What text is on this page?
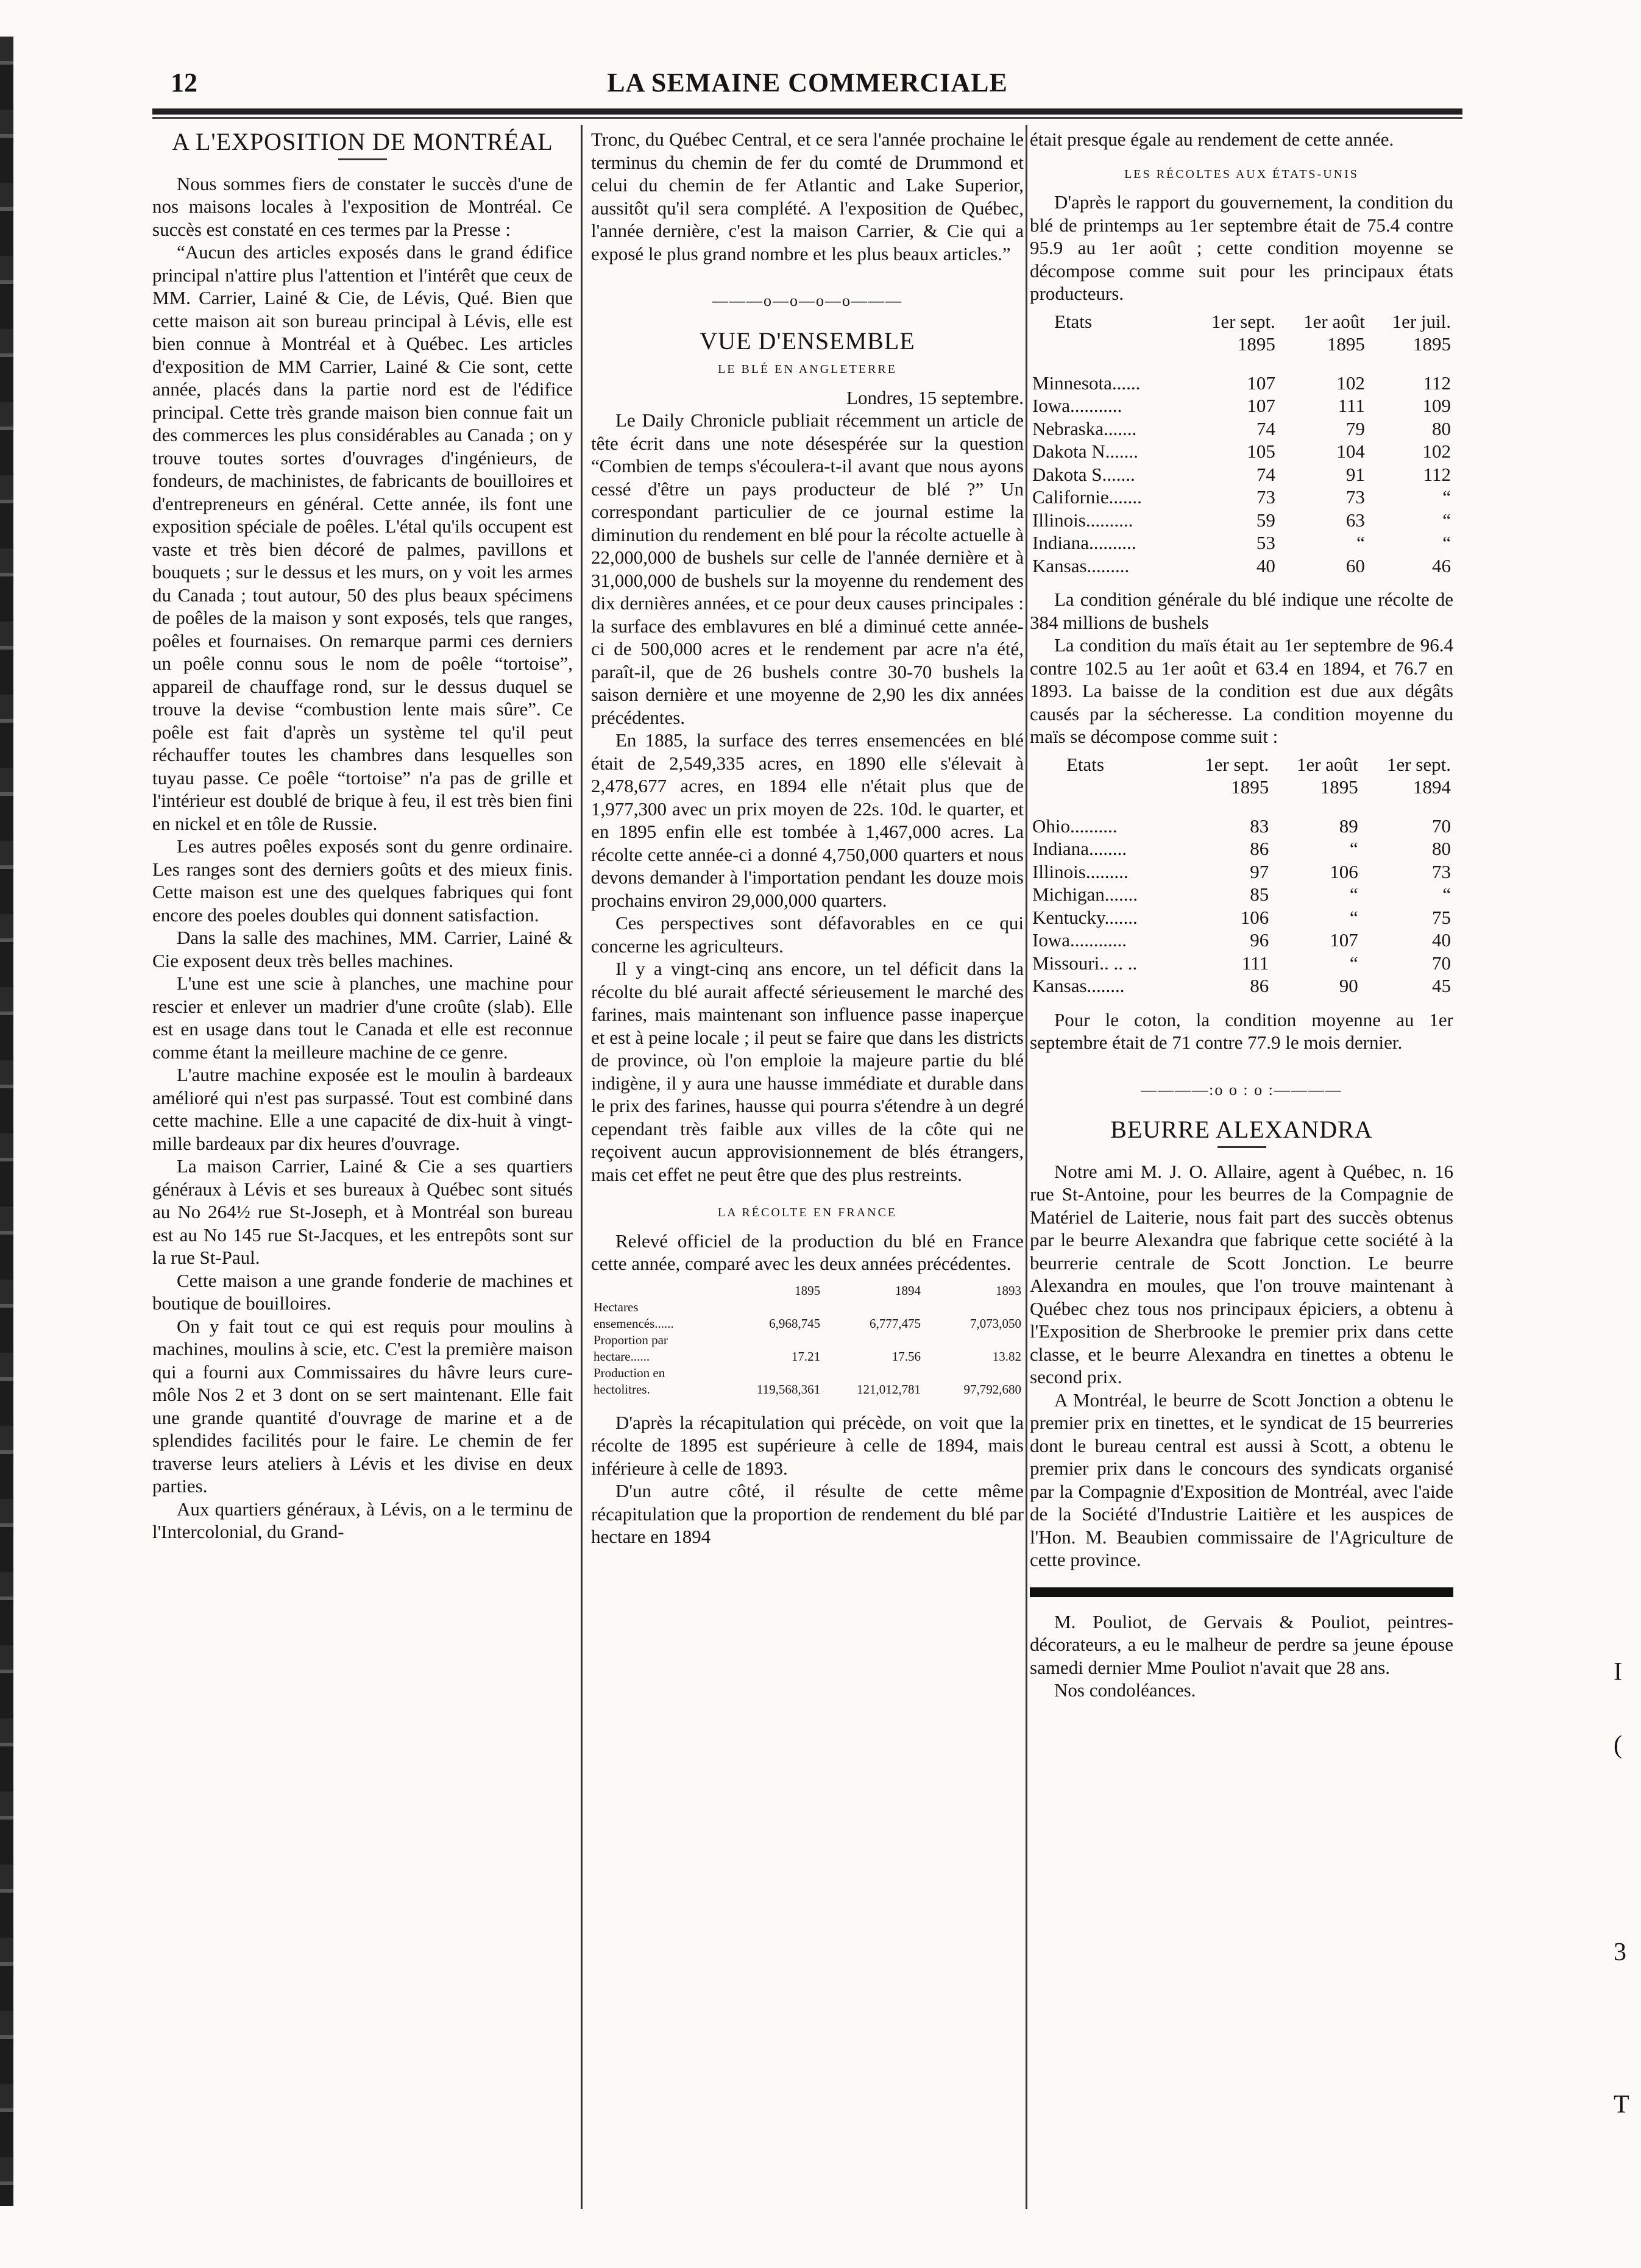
12	LA SEMAINE COMMERCIALE
A L'EXPOSITION DE MONTRÉAL

Nous sommes fiers de constater le succès d'une de nos maisons locales à l'exposition de Montréal. Ce succès est constaté en ces termes par la Presse :

“Aucun des articles exposés dans le grand édifice principal n'attire plus l'attention et l'intérêt que ceux de MM. Carrier, Lainé & Cie, de Lévis, Qué. Bien que cette maison ait son bureau principal à Lévis, elle est bien connue à Montréal et à Québec. Les articles d'exposition de MM Carrier, Lainé & Cie sont, cette année, placés dans la partie nord est de l'édifice principal. Cette très grande maison bien connue fait un des commerces les plus considérables au Canada ; on y trouve toutes sortes d'ouvrages d'ingénieurs, de fondeurs, de machinistes, de fabricants de bouilloires et d'entrepreneurs en général. Cette année, ils font une exposition spéciale de poêles. L'étal qu'ils occupent est vaste et très bien décoré de palmes, pavillons et bouquets ; sur le dessus et les murs, on y voit les armes du Canada ; tout autour, 50 des plus beaux spécimens de poêles de la maison y sont exposés, tels que ranges, poêles et fournaises. On remarque parmi ces derniers un poêle connu sous le nom de poêle “tortoise”, appareil de chauffage rond, sur le dessus duquel se trouve la devise “combustion lente mais sûre”. Ce poêle est fait d'après un système tel qu'il peut réchauffer toutes les chambres dans lesquelles son tuyau passe. Ce poêle “tortoise” n'a pas de grille et l'intérieur est doublé de brique à feu, il est très bien fini en nickel et en tôle de Russie.

Les autres poêles exposés sont du genre ordinaire. Les ranges sont des derniers goûts et des mieux finis. Cette maison est une des quelques fabriques qui font encore des poeles doubles qui donnent satisfaction.

Dans la salle des machines, MM. Carrier, Lainé & Cie exposent deux très belles machines.

L'une est une scie à planches, une machine pour rescier et enlever un madrier d'une croûte (slab). Elle est en usage dans tout le Canada et elle est reconnue comme étant la meilleure machine de ce genre.

L'autre machine exposée est le moulin à bardeaux amélioré qui n'est pas surpassé. Tout est combiné dans cette machine. Elle a une capacité de dix-huit à vingt-mille bardeaux par dix heures d'ouvrage.

La maison Carrier, Lainé & Cie a ses quartiers généraux à Lévis et ses bureaux à Québec sont situés au No 264½ rue St-Joseph, et à Montréal son bureau est au No 145 rue St-Jacques, et les entrepôts sont sur la rue St-Paul.

Cette maison a une grande fonderie de machines et boutique de bouilloires.

On y fait tout ce qui est requis pour moulins à machines, moulins à scie, etc. C'est la première maison qui a fourni aux Commissaires du hâvre leurs cure-môle Nos 2 et 3 dont on se sert maintenant. Elle fait une grande quantité d'ouvrage de marine et a de splendides facilités pour le faire. Le chemin de fer traverse leurs ateliers à Lévis et les divise en deux parties.

Aux quartiers généraux, à Lévis, on a le terminu de l'Intercolonial, du Grand-

Tronc, du Québec Central, et ce sera l'année prochaine le terminus du chemin de fer du comté de Drummond et celui du chemin de fer Atlantic and Lake Superior, aussitôt qu'il sera complété. A l'exposition de Québec, l'année dernière, c'est la maison Carrier, & Cie qui a exposé le plus grand nombre et les plus beaux articles.”

———o—o—o—o———
VUE D'ENSEMBLE
LE BLÉ EN ANGLETERRE
Londres, 15 septembre.

Le Daily Chronicle publiait récemment un article de tête écrit dans une note désespérée sur la question “Combien de temps s'écoulera-t-il avant que nous ayons cessé d'être un pays producteur de blé ?” Un correspondant particulier de ce journal estime la diminution du rendement en blé pour la récolte actuelle à 22,000,000 de bushels sur celle de l'année dernière et à 31,000,000 de bushels sur la moyenne du rendement des dix dernières années, et ce pour deux causes principales : la surface des emblavures en blé a diminué cette année-ci de 500,000 acres et le rendement par acre n'a été, paraît-il, que de 26 bushels contre 30-70 bushels la saison dernière et une moyenne de 2,90 les dix années précédentes.

En 1885, la surface des terres ensemencées en blé était de 2,549,335 acres, en 1890 elle s'élevait à 2,478,677 acres, en 1894 elle n'était plus que de 1,977,300 avec un prix moyen de 22s. 10d. le quarter, et en 1895 enfin elle est tombée à 1,467,000 acres. La récolte cette année-ci a donné 4,750,000 quarters et nous devons demander à l'importation pendant les douze mois prochains environ 29,000,000 quarters.

Ces perspectives sont défavorables en ce qui concerne les agriculteurs.

Il y a vingt-cinq ans encore, un tel déficit dans la récolte du blé aurait affecté sérieusement le marché des farines, mais maintenant son influence passe inaperçue et est à peine locale ; il peut se faire que dans les districts de province, où l'on emploie la majeure partie du blé indigène, il y aura une hausse immédiate et durable dans le prix des farines, hausse qui pourra s'étendre à un degré cependant très faible aux villes de la côte qui ne reçoivent aucun approvisionnement de blés étrangers, mais cet effet ne peut être que des plus restreints.

LA RÉCOLTE EN FRANCE

Relevé officiel de la production du blé en France cette année, comparé avec les deux années précédentes.

	1895	1894	1893
Hectares ensemencés......	6,968,745	6,777,475	7,073,050
Proportion par hectare......	17.21	17.56	13.82
Production en hectolitres.	119,568,361	121,012,781	97,792,680

D'après la récapitulation qui précède, on voit que la récolte de 1895 est supérieure à celle de 1894, mais inférieure à celle de 1893.

D'un autre côté, il résulte de cette même récapitulation que la proportion de rendement du blé par hectare en 1894

était presque égale au rendement de cette année.

LES RÉCOLTES AUX ÉTATS-UNIS

D'après le rapport du gouvernement, la condition du blé de printemps au 1er septembre était de 75.4 contre 95.9 au 1er août ; cette condition moyenne se décompose comme suit pour les principaux états producteurs.

Etats	1er sept.	1er août	1er juil.
	1895	1895	1895
Minnesota......	107	102	112
Iowa...........	107	111	109
Nebraska.......	74	79	80
Dakota N.......	105	104	102
Dakota S.......	74	91	112
Californie.......	73	73	“
Illinois..........	59	63	“
Indiana..........	53	“	“
Kansas.........	40	60	46

La condition générale du blé indique une récolte de 384 millions de bushels

La condition du maïs était au 1er septembre de 96.4 contre 102.5 au 1er août et 63.4 en 1894, et 76.7 en 1893. La baisse de la condition est due aux dégâts causés par la sécheresse. La condition moyenne du maïs se décompose comme suit :

Etats	1er sept.	1er août	1er sept.
	1895	1895	1894
Ohio..........	83	89	70
Indiana........	86	“	80
Illinois.........	97	106	73
Michigan.......	85	“	“
Kentucky.......	106	“	75
Iowa............	96	107	40
Missouri.. .. ..	111	“	70
Kansas........	86	90	45

Pour le coton, la condition moyenne au 1er septembre était de 71 contre 77.9 le mois dernier.

————:o o : o :————
BEURRE ALEXANDRA

Notre ami M. J. O. Allaire, agent à Québec, n. 16 rue St-Antoine, pour les beurres de la Compagnie de Matériel de Laiterie, nous fait part des succès obtenus par le beurre Alexandra que fabrique cette société à la beurrerie centrale de Scott Jonction. Le beurre Alexandra en moules, que l'on trouve maintenant à Québec chez tous nos principaux épiciers, a obtenu à l'Exposition de Sherbrooke le premier prix dans cette classe, et le beurre Alexandra en tinettes a obtenu le second prix.

A Montréal, le beurre de Scott Jonction a obtenu le premier prix en tinettes, et le syndicat de 15 beurreries dont le bureau central est aussi à Scott, a obtenu le premier prix dans le concours des syndicats organisé par la Compagnie d'Exposition de Montréal, avec l'aide de la Société d'Industrie Laitière et les auspices de l'Hon. M. Beaubien commissaire de l'Agriculture de cette province.

M. Pouliot, de Gervais & Pouliot, peintres-décorateurs, a eu le malheur de perdre sa jeune épouse samedi dernier Mme Pouliot n'avait que 28 ans.

Nos condoléances.

I
(
3
T
